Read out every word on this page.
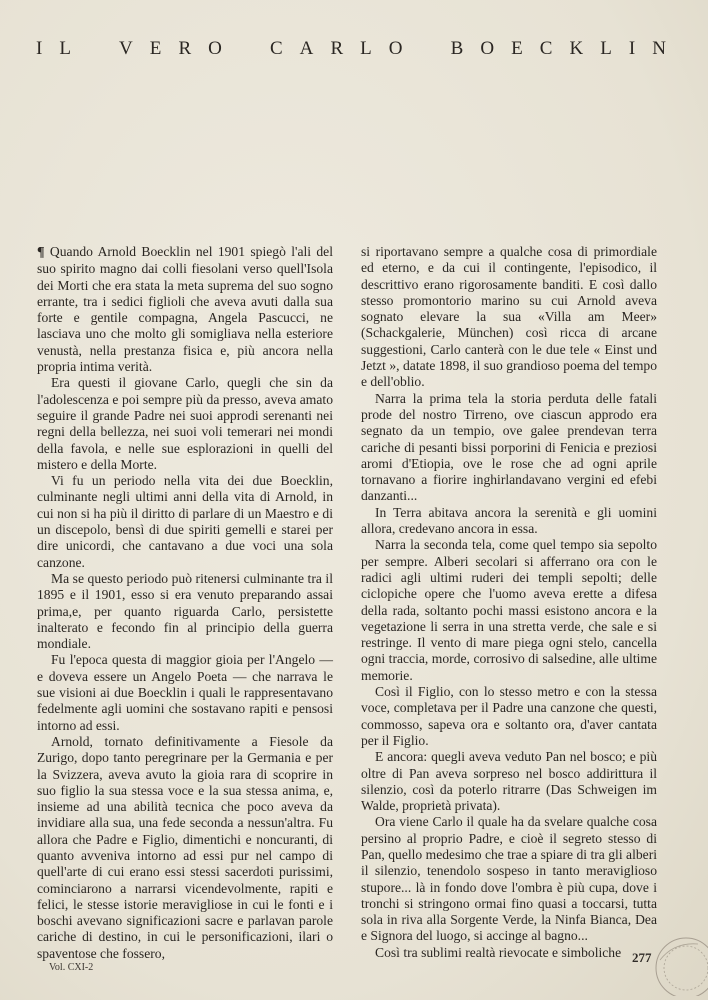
I L	V E R O	C A R L O	B O E C K L I N

¶ Quando Arnold Boecklin nel 1901 spiegò l'ali del suo spirito magno dai colli fiesolani verso quell'Isola dei Morti che era stata la meta suprema del suo sogno errante, tra i sedici figlioli che aveva avuti dalla sua forte e gentile compagna, Angela Pascucci, ne lasciava uno che molto gli somigliava nella esteriore venustà, nella prestanza fisica e, più ancora nella propria intima verità.

Era questi il giovane Carlo, quegli che sin da l'adolescenza e poi sempre più da presso, aveva amato seguire il grande Padre nei suoi approdi serenanti nei regni della bellezza, nei suoi voli temerari nei mondi della favola, e nelle sue esplorazioni in quelli del mistero e della Morte.

Vi fu un periodo nella vita dei due Boecklin, culminante negli ultimi anni della vita di Arnold, in cui non si ha più il diritto di parlare di un Maestro e di un discepolo, bensì di due spiriti gemelli e starei per dire unicordi, che cantavano a due voci una sola canzone.

Ma se questo periodo può ritenersi culminante tra il 1895 e il 1901, esso si era venuto preparando assai prima,e, per quanto riguarda Carlo, persistette inalterato e fecondo fin al principio della guerra mondiale.

Fu l'epoca questa di maggior gioia per l'Angelo — e doveva essere un Angelo Poeta — che narrava le sue visioni ai due Boecklin i quali le rappresentavano fedelmente agli uomini che sostavano rapiti e pensosi intorno ad essi.

Arnold, tornato definitivamente a Fiesole da Zurigo, dopo tanto peregrinare per la Germania e per la Svizzera, aveva avuto la gioia rara di scoprire in suo figlio la sua stessa voce e la sua stessa anima, e, insieme ad una abilità tecnica che poco aveva da invidiare alla sua, una fede seconda a nessun'altra. Fu allora che Padre e Figlio, dimentichi e noncuranti, di quanto avveniva intorno ad essi pur nel campo di quell'arte di cui erano essi stessi sacerdoti purissimi, cominciarono a narrarsi vicendevolmente, rapiti e felici, le stesse istorie meravigliose in cui le fonti e i boschi avevano significazioni sacre e parlavan parole cariche di destino, in cui le personificazioni, ilari o spaventose che fossero,

si riportavano sempre a qualche cosa di primordiale ed eterno, e da cui il contingente, l'episodico, il descrittivo erano rigorosamente banditi. E così dallo stesso promontorio marino su cui Arnold aveva sognato elevare la sua «Villa am Meer» (Schackgalerie, München) così ricca di arcane suggestioni, Carlo canterà con le due tele « Einst und Jetzt », datate 1898, il suo grandioso poema del tempo e dell'oblio.

Narra la prima tela la storia perduta delle fatali prode del nostro Tirreno, ove ciascun approdo era segnato da un tempio, ove galee prendevan terra cariche di pesanti bissi porporini di Fenicia e preziosi aromi d'Etiopia, ove le rose che ad ogni aprile tornavano a fiorire inghirlandavano vergini ed efebi danzanti...

In Terra abitava ancora la serenità e gli uomini allora, credevano ancora in essa.

Narra la seconda tela, come quel tempo sia sepolto per sempre. Alberi secolari si afferrano ora con le radici agli ultimi ruderi dei templi sepolti; delle ciclopiche opere che l'uomo aveva erette a difesa della rada, soltanto pochi massi esistono ancora e la vegetazione li serra in una stretta verde, che sale e si restringe. Il vento di mare piega ogni stelo, cancella ogni traccia, morde, corrosivo di salsedine, alle ultime memorie.

Così il Figlio, con lo stesso metro e con la stessa voce, completava per il Padre una canzone che questi, commosso, sapeva ora e soltanto ora, d'aver cantata per il Figlio.

E ancora: quegli aveva veduto Pan nel bosco; e più oltre di Pan aveva sorpreso nel bosco addirittura il silenzio, così da poterlo ritrarre (Das Schweigen im Walde, proprietà privata).

Ora viene Carlo il quale ha da svelare qualche cosa persino al proprio Padre, e cioè il segreto stesso di Pan, quello medesimo che trae a spiare di tra gli alberi il silenzio, tenendolo sospeso in tanto meraviglioso stupore... là in fondo dove l'ombra è più cupa, dove i tronchi si stringono ormai fino quasi a toccarsi, tutta sola in riva alla Sorgente Verde, la Ninfa Bianca, Dea e Signora del luogo, si accinge al bagno...

Così tra sublimi realtà rievocate e simboliche

Vol. CXI-2
277
